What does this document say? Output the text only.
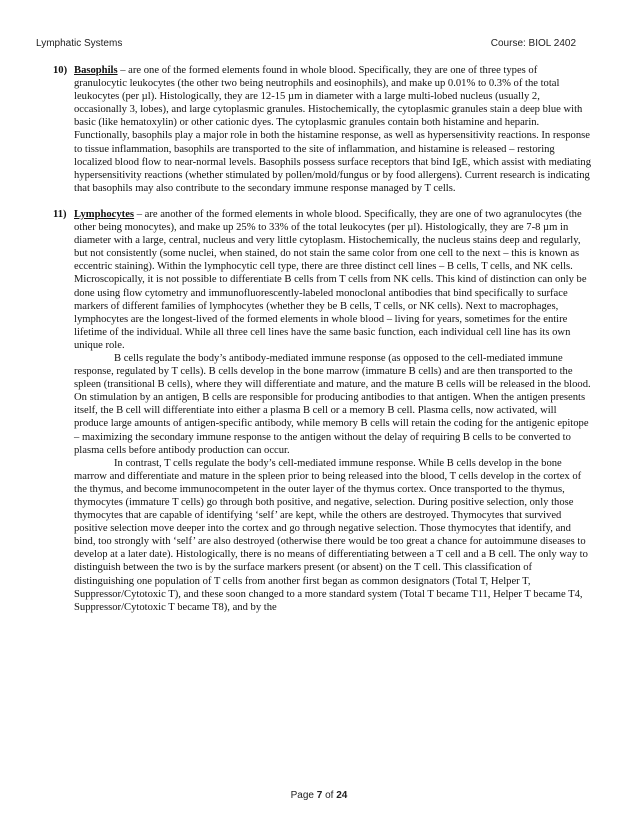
Lymphatic Systems	Course: BIOL 2402
10) Basophils – are one of the formed elements found in whole blood. Specifically, they are one of three types of granulocytic leukocytes (the other two being neutrophils and eosinophils), and make up 0.01% to 0.3% of the total leukocytes (per µl). Histologically, they are 12-15 µm in diameter with a large multi-lobed nucleus (usually 2, occasionally 3, lobes), and large cytoplasmic granules. Histochemically, the cytoplasmic granules stain a deep blue with basic (like hematoxylin) or other cationic dyes. The cytoplasmic granules contain both histamine and heparin. Functionally, basophils play a major role in both the histamine response, as well as hypersensitivity reactions. In response to tissue inflammation, basophils are transported to the site of inflammation, and histamine is released – restoring localized blood flow to near-normal levels. Basophils possess surface receptors that bind IgE, which assist with mediating hypersensitivity reactions (whether stimulated by pollen/mold/fungus or by food allergens). Current research is indicating that basophils may also contribute to the secondary immune response managed by T cells.

11) Lymphocytes – are another of the formed elements in whole blood. Specifically, they are one of two agranulocytes (the other being monocytes), and make up 25% to 33% of the total leukocytes (per µl). Histologically, they are 7-8 µm in diameter with a large, central, nucleus and very little cytoplasm. Histochemically, the nucleus stains deep and regularly, but not consistently (some nuclei, when stained, do not stain the same color from one cell to the next – this is known as eccentric staining). Within the lymphocytic cell type, there are three distinct cell lines – B cells, T cells, and NK cells. Microscopically, it is not possible to differentiate B cells from T cells from NK cells. This kind of distinction can only be done using flow cytometry and immunofluorescently-labeled monoclonal antibodies that bind specifically to surface markers of different families of lymphocytes (whether they be B cells, T cells, or NK cells). Next to macrophages, lymphocytes are the longest-lived of the formed elements in whole blood – living for years, sometimes for the entire lifetime of the individual. While all three cell lines have the same basic function, each individual cell line has its own unique role.

B cells regulate the body’s antibody-mediated immune response (as opposed to the cell-mediated immune response, regulated by T cells). B cells develop in the bone marrow (immature B cells) and are then transported to the spleen (transitional B cells), where they will differentiate and mature, and the mature B cells will be released in the blood. On stimulation by an antigen, B cells are responsible for producing antibodies to that antigen. When the antigen presents itself, the B cell will differentiate into either a plasma B cell or a memory B cell. Plasma cells, now activated, will produce large amounts of antigen-specific antibody, while memory B cells will retain the coding for the antigenic epitope – maximizing the secondary immune response to the antigen without the delay of requiring B cells to be converted to plasma cells before antibody production can occur.

In contrast, T cells regulate the body’s cell-mediated immune response. While B cells develop in the bone marrow and differentiate and mature in the spleen prior to being released into the blood, T cells develop in the cortex of the thymus, and become immunocompetent in the outer layer of the thymus cortex. Once transported to the thymus, thymocytes (immature T cells) go through both positive, and negative, selection. During positive selection, only those thymocytes that are capable of identifying ‘self’ are kept, while the others are destroyed. Thymocytes that survived positive selection move deeper into the cortex and go through negative selection. Those thymocytes that identify, and bind, too strongly with ‘self’ are also destroyed (otherwise there would be too great a chance for autoimmune diseases to develop at a later date). Histologically, there is no means of differentiating between a T cell and a B cell. The only way to distinguish between the two is by the surface markers present (or absent) on the T cell. This classification of distinguishing one population of T cells from another first began as common designators (Total T, Helper T, Suppressor/Cytotoxic T), and these soon changed to a more standard system (Total T became T11, Helper T became T4, Suppressor/Cytotoxic T became T8), and by the

Page 7 of 24
